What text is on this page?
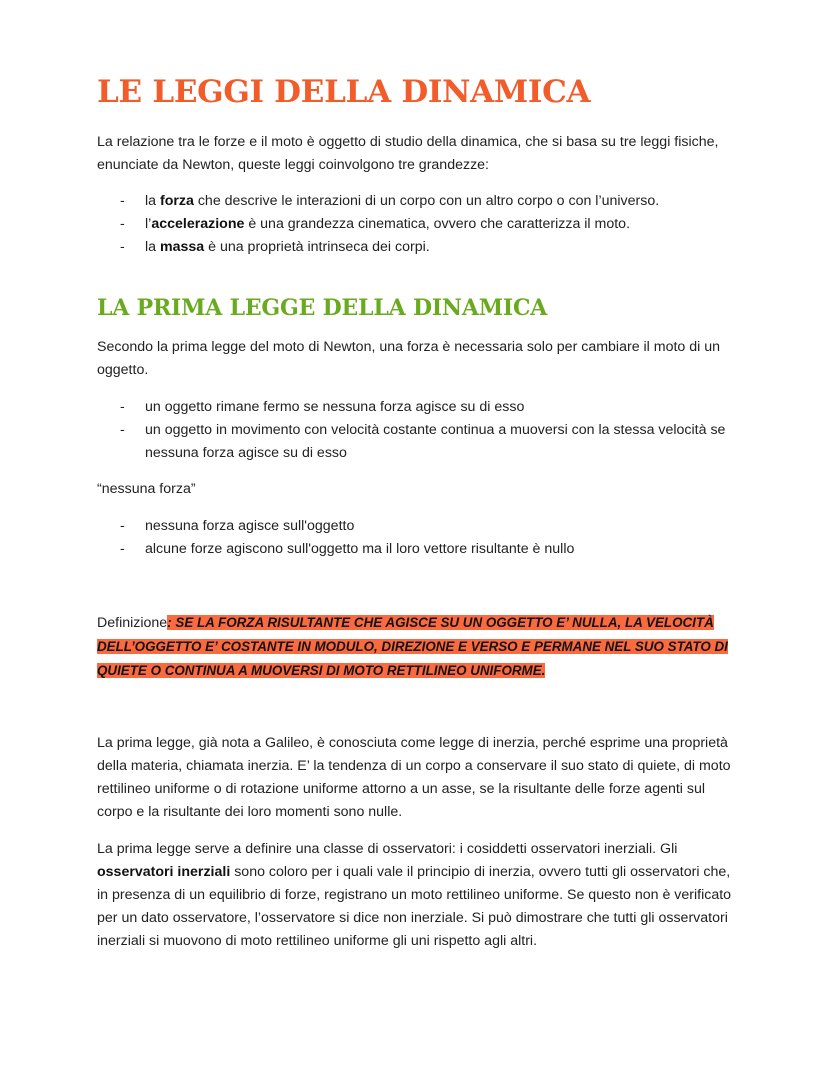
LE LEGGI DELLA DINAMICA

La relazione tra le forze e il moto è oggetto di studio della dinamica, che si basa su tre leggi fisiche, enunciate da Newton, queste leggi coinvolgono tre grandezze:

- la forza che descrive le interazioni di un corpo con un altro corpo o con l’universo.
- l’accelerazione è una grandezza cinematica, ovvero che caratterizza il moto.
- la massa è una proprietà intrinseca dei corpi.
LA PRIMA LEGGE DELLA DINAMICA

Secondo la prima legge del moto di Newton, una forza è necessaria solo per cambiare il moto di un oggetto.

- un oggetto rimane fermo se nessuna forza agisce su di esso
- un oggetto in movimento con velocità costante continua a muoversi con la stessa velocità se nessuna forza agisce su di esso

“nessuna forza”

- nessuna forza agisce sull'oggetto
- alcune forze agiscono sull'oggetto ma il loro vettore risultante è nullo
Definizione: SE LA FORZA RISULTANTE CHE AGISCE SU UN OGGETTO E’ NULLA, LA VELOCITÀ DELL’OGGETTO E’ COSTANTE IN MODULO, DIREZIONE E VERSO E PERMANE NEL SUO STATO DI QUIETE O CONTINUA A MUOVERSI DI MOTO RETTILINEO UNIFORME.

La prima legge, già nota a Galileo, è conosciuta come legge di inerzia, perché esprime una proprietà della materia, chiamata inerzia. E’ la tendenza di un corpo a conservare il suo stato di quiete, di moto rettilineo uniforme o di rotazione uniforme attorno a un asse, se la risultante delle forze agenti sul corpo e la risultante dei loro momenti sono nulle.

La prima legge serve a definire una classe di osservatori: i cosiddetti osservatori inerziali. Gli osservatori inerziali sono coloro per i quali vale il principio di inerzia, ovvero tutti gli osservatori che, in presenza di un equilibrio di forze, registrano un moto rettilineo uniforme. Se questo non è verificato per un dato osservatore, l’osservatore si dice non inerziale. Si può dimostrare che tutti gli osservatori inerziali si muovono di moto rettilineo uniforme gli uni rispetto agli altri.
